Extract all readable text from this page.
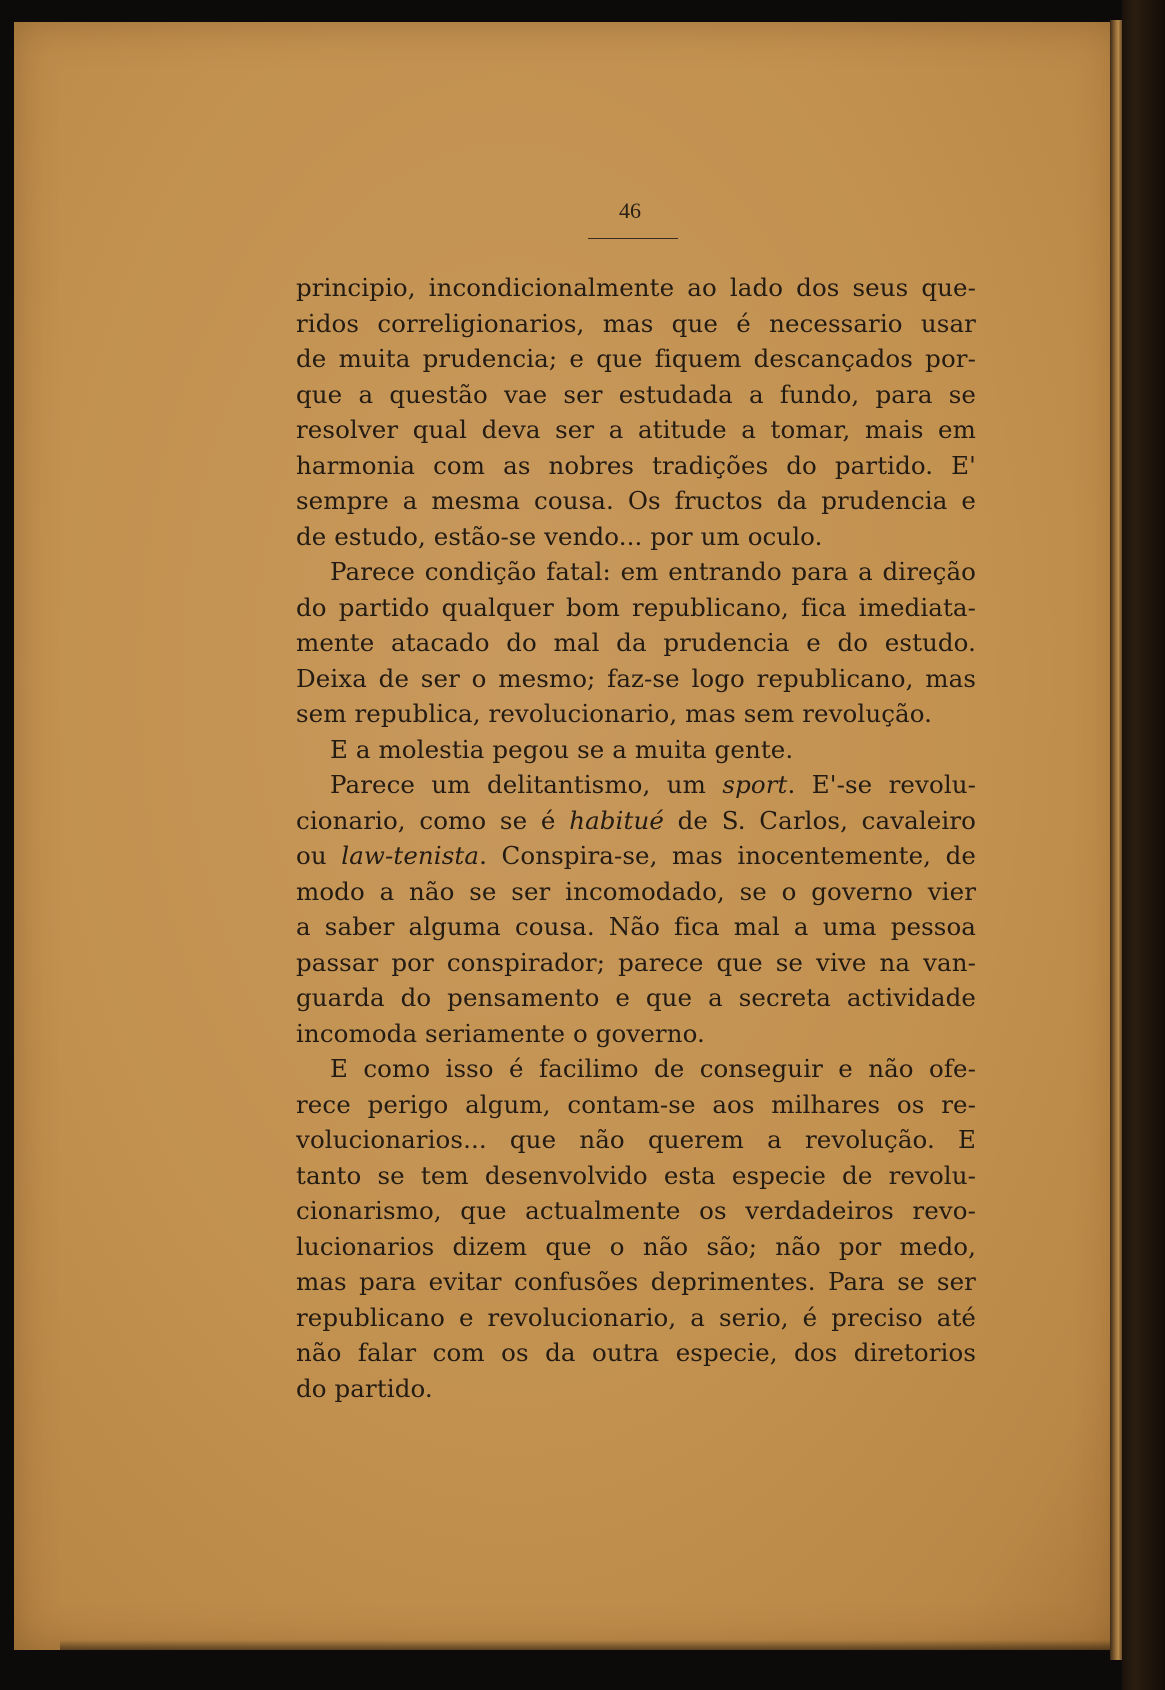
46

principio, incondicionalmente ao lado dos seus que-
ridos correligionarios, mas que é necessario usar
de muita prudencia; e que fiquem descançados por-
que a questão vae ser estudada a fundo, para se
resolver qual deva ser a atitude a tomar, mais em
harmonia com as nobres tradições do partido. E'
sempre a mesma cousa. Os fructos da prudencia e
de estudo, estão-se vendo... por um oculo.
Parece condição fatal: em entrando para a direção
do partido qualquer bom republicano, fica imediata-
mente atacado do mal da prudencia e do estudo.
Deixa de ser o mesmo; faz-se logo republicano, mas
sem republica, revolucionario, mas sem revolução.
E a molestia pegou se a muita gente.
Parece um delitantismo, um sport. E'-se revolu-
cionario, como se é habitué de S. Carlos, cavaleiro
ou law-tenista. Conspira-se, mas inocentemente, de
modo a não se ser incomodado, se o governo vier
a saber alguma cousa. Não fica mal a uma pessoa
passar por conspirador; parece que se vive na van-
guarda do pensamento e que a secreta actividade
incomoda seriamente o governo.
E como isso é facilimo de conseguir e não ofe-
rece perigo algum, contam-se aos milhares os re-
volucionarios... que não querem a revolução. E
tanto se tem desenvolvido esta especie de revolu-
cionarismo, que actualmente os verdadeiros revo-
lucionarios dizem que o não são; não por medo,
mas para evitar confusões deprimentes. Para se ser
republicano e revolucionario, a serio, é preciso até
não falar com os da outra especie, dos diretorios
do partido.
